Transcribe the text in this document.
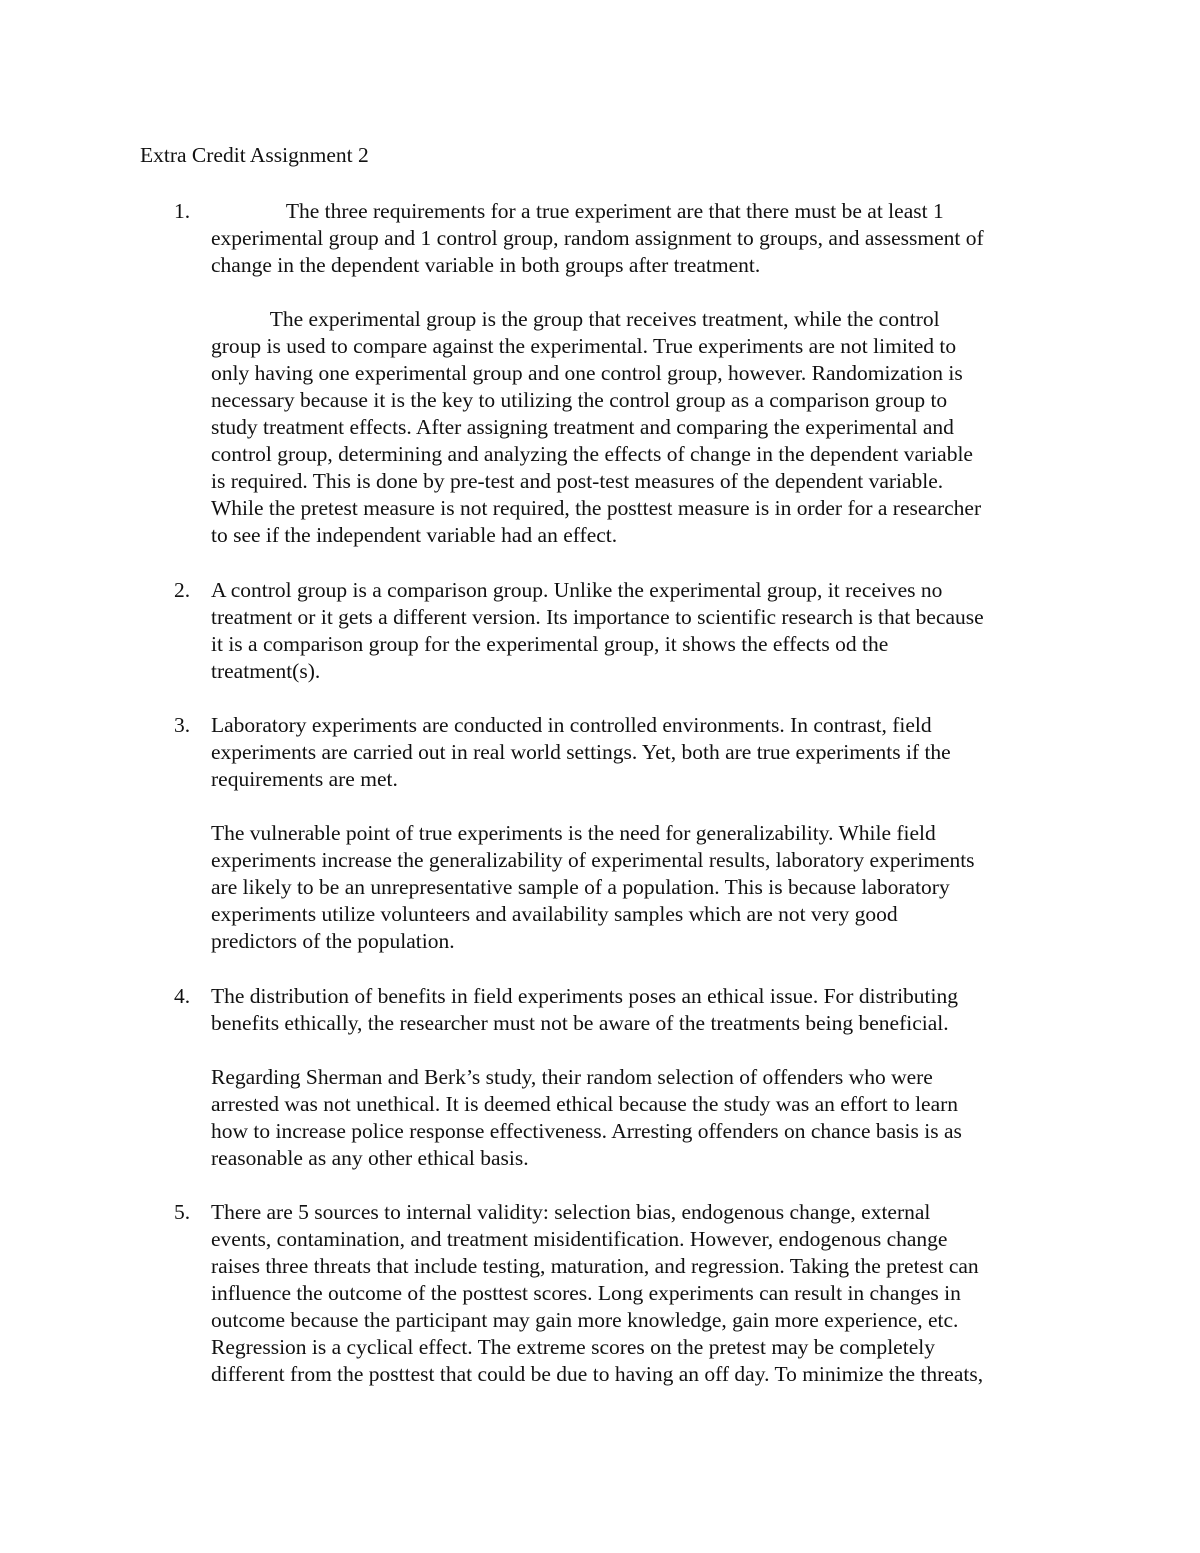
Extra Credit Assignment 2
1. The three requirements for a true experiment are that there must be at least 1
experimental group and 1 control group, random assignment to groups, and assessment of
change in the dependent variable in both groups after treatment.
The experimental group is the group that receives treatment, while the control
group is used to compare against the experimental. True experiments are not limited to
only having one experimental group and one control group, however. Randomization is
necessary because it is the key to utilizing the control group as a comparison group to
study treatment effects. After assigning treatment and comparing the experimental and
control group, determining and analyzing the effects of change in the dependent variable
is required. This is done by pre-test and post-test measures of the dependent variable.
While the pretest measure is not required, the posttest measure is in order for a researcher
to see if the independent variable had an effect.
2. A control group is a comparison group. Unlike the experimental group, it receives no
treatment or it gets a different version. Its importance to scientific research is that because
it is a comparison group for the experimental group, it shows the effects od the
treatment(s).
3. Laboratory experiments are conducted in controlled environments. In contrast, field
experiments are carried out in real world settings. Yet, both are true experiments if the
requirements are met.
The vulnerable point of true experiments is the need for generalizability. While field
experiments increase the generalizability of experimental results, laboratory experiments
are likely to be an unrepresentative sample of a population. This is because laboratory
experiments utilize volunteers and availability samples which are not very good
predictors of the population.
4. The distribution of benefits in field experiments poses an ethical issue. For distributing
benefits ethically, the researcher must not be aware of the treatments being beneficial.
Regarding Sherman and Berk’s study, their random selection of offenders who were
arrested was not unethical. It is deemed ethical because the study was an effort to learn
how to increase police response effectiveness. Arresting offenders on chance basis is as
reasonable as any other ethical basis.
5. There are 5 sources to internal validity: selection bias, endogenous change, external
events, contamination, and treatment misidentification. However, endogenous change
raises three threats that include testing, maturation, and regression. Taking the pretest can
influence the outcome of the posttest scores. Long experiments can result in changes in
outcome because the participant may gain more knowledge, gain more experience, etc.
Regression is a cyclical effect. The extreme scores on the pretest may be completely
different from the posttest that could be due to having an off day. To minimize the threats,
